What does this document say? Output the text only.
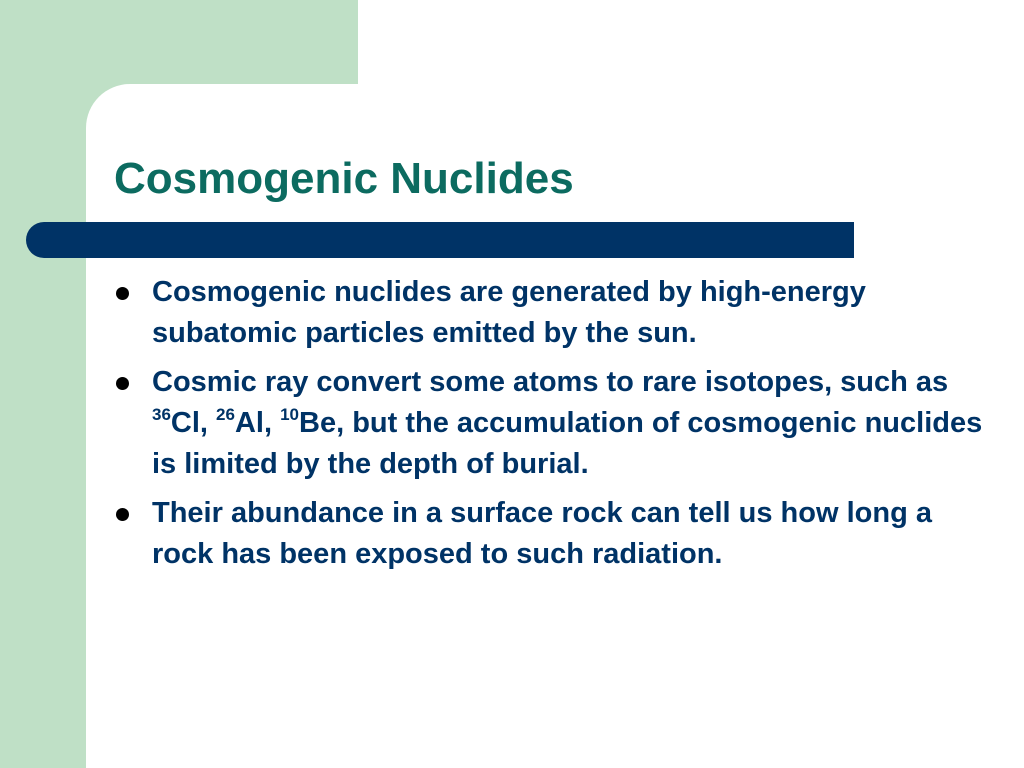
Cosmogenic Nuclides
Cosmogenic nuclides are generated by high-energy subatomic particles emitted by the sun.
Cosmic ray convert some atoms to rare isotopes, such as $^{36}$Cl, $^{26}$Al, $^{10}$Be, but the accumulation of cosmogenic nuclides is limited by the depth of burial.
Their abundance in a surface rock can tell us how long a rock has been exposed to such radiation.
